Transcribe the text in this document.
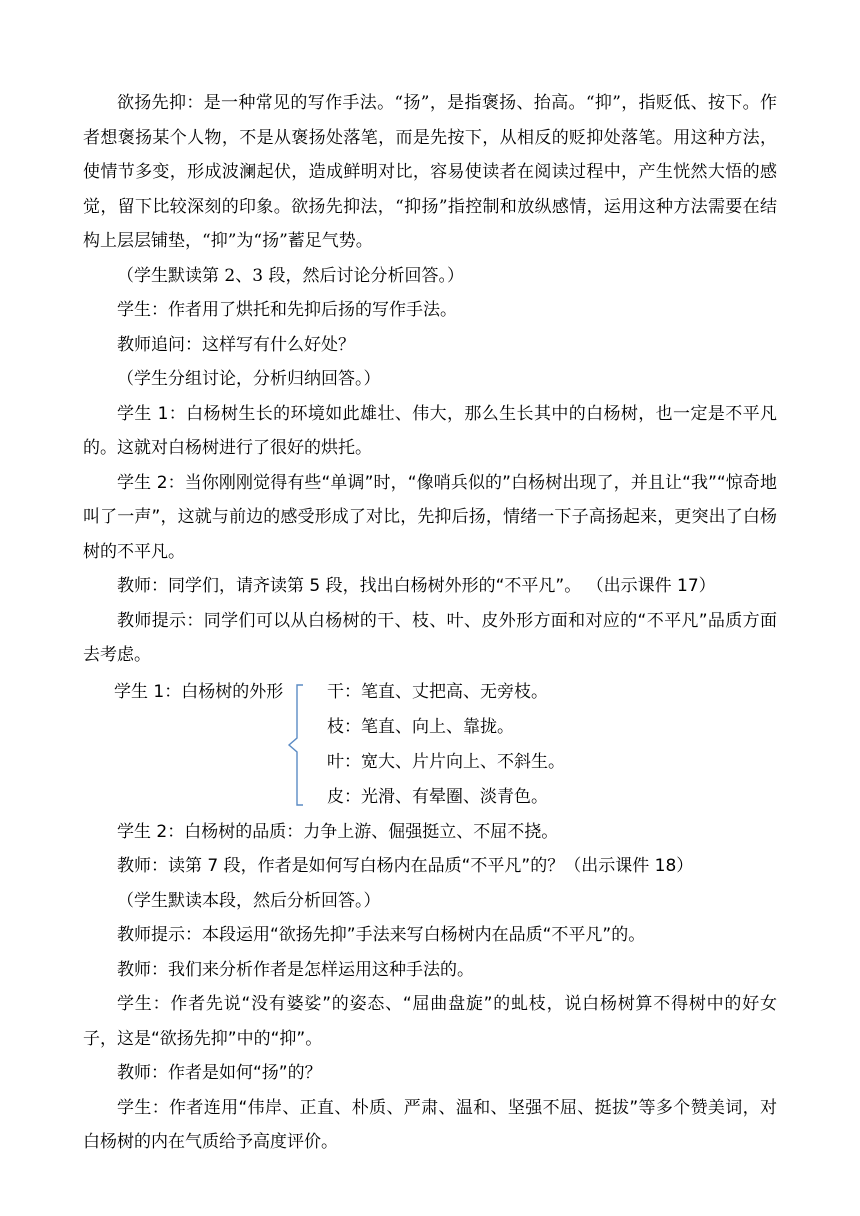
欲扬先抑：是一种常见的写作手法。“扬”，是指褒扬、抬高。“抑”，指贬低、按下。作者想褒扬某个人物，不是从褒扬处落笔，而是先按下，从相反的贬抑处落笔。用这种方法，使情节多变，形成波澜起伏，造成鲜明对比，容易使读者在阅读过程中，产生恍然大悟的感觉，留下比较深刻的印象。欲扬先抑法，“抑扬”指控制和放纵感情，运用这种方法需要在结构上层层铺垫，“抑”为“扬”蓄足气势。

（学生默读第 2、3 段，然后讨论分析回答。）

学生：作者用了烘托和先抑后扬的写作手法。

教师追问：这样写有什么好处？

（学生分组讨论，分析归纳回答。）

学生 1：白杨树生长的环境如此雄壮、伟大，那么生长其中的白杨树，也一定是不平凡的。这就对白杨树进行了很好的烘托。

学生 2：当你刚刚觉得有些“单调”时，“像哨兵似的”白杨树出现了，并且让“我”“惊奇地叫了一声”，这就与前边的感受形成了对比，先抑后扬，情绪一下子高扬起来，更突出了白杨树的不平凡。

教师：同学们，请齐读第 5 段，找出白杨树外形的“不平凡”。 （出示课件 17）

教师提示：同学们可以从白杨树的干、枝、叶、皮外形方面和对应的“不平凡”品质方面去考虑。

学生 1：白杨树的外形	干：笔直、丈把高、无旁枝。
枝：笔直、向上、靠拢。
叶：宽大、片片向上、不斜生。
皮：光滑、有晕圈、淡青色。

学生 2：白杨树的品质：力争上游、倔强挺立、不屈不挠。

教师：读第 7 段，作者是如何写白杨内在品质“不平凡”的？（出示课件 18）

（学生默读本段，然后分析回答。）

教师提示：本段运用“欲扬先抑”手法来写白杨树内在品质“不平凡”的。

教师：我们来分析作者是怎样运用这种手法的。

学生：作者先说“没有婆娑”的姿态、“屈曲盘旋”的虬枝，说白杨树算不得树中的好女子，这是“欲扬先抑”中的“抑”。

教师：作者是如何“扬”的？

学生：作者连用“伟岸、正直、朴质、严肃、温和、坚强不屈、挺拔”等多个赞美词，对白杨树的内在气质给予高度评价。
